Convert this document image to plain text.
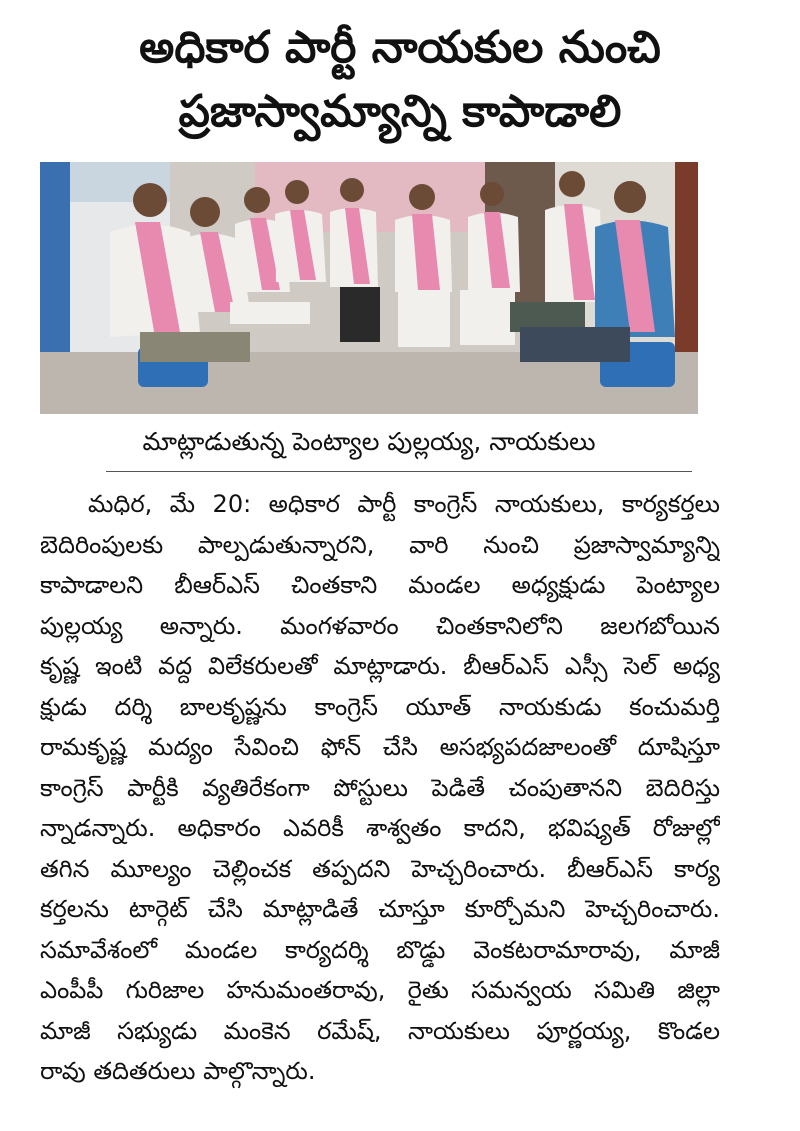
అధికార పార్టీ నాయకుల నుంచి
ప్రజాస్వామ్యాన్ని కాపాడాలి
మాట్లాడుతున్న పెంట్యాల పుల్లయ్య, నాయకులు
మధిర, మే 20: అధికార పార్టీ కాంగ్రెస్ నాయకులు, కార్యకర్తలు
బెదిరింపులకు పాల్పడుతున్నారని, వారి నుంచి ప్రజాస్వామ్యాన్ని
కాపాడాలని బీఆర్ఎస్ చింతకాని మండల అధ్యక్షుడు పెంట్యాల
పుల్లయ్య అన్నారు. మంగళవారం చింతకానిలోని జలగబోయిన
కృష్ణ ఇంటి వద్ద విలేకరులతో మాట్లాడారు. బీఆర్ఎస్ ఎస్సీ సెల్ అధ్య
క్షుడు దర్శి బాలకృష్ణను కాంగ్రెస్ యూత్ నాయకుడు కంచుమర్తి
రామకృష్ణ మద్యం సేవించి ఫోన్ చేసి అసభ్యపదజాలంతో దూషిస్తూ
కాంగ్రెస్ పార్టీకి వ్యతిరేకంగా పోస్టులు పెడితే చంపుతానని బెదిరిస్తు
న్నాడన్నారు. అధికారం ఎవరికీ శాశ్వతం కాదని, భవిష్యత్ రోజుల్లో
తగిన మూల్యం చెల్లించక తప్పదని హెచ్చరించారు. బీఆర్ఎస్ కార్య
కర్తలను టార్గెట్ చేసి మాట్లాడితే చూస్తూ కూర్చోమని హెచ్చరించారు.
సమావేశంలో మండల కార్యదర్శి బొడ్డు వెంకటరామారావు, మాజీ
ఎంపీపీ గురిజాల హనుమంతరావు, రైతు సమన్వయ సమితి జిల్లా
మాజీ సభ్యుడు మంకెన రమేష్, నాయకులు పూర్ణయ్య, కొండల
రావు తదితరులు పాల్గొన్నారు.
